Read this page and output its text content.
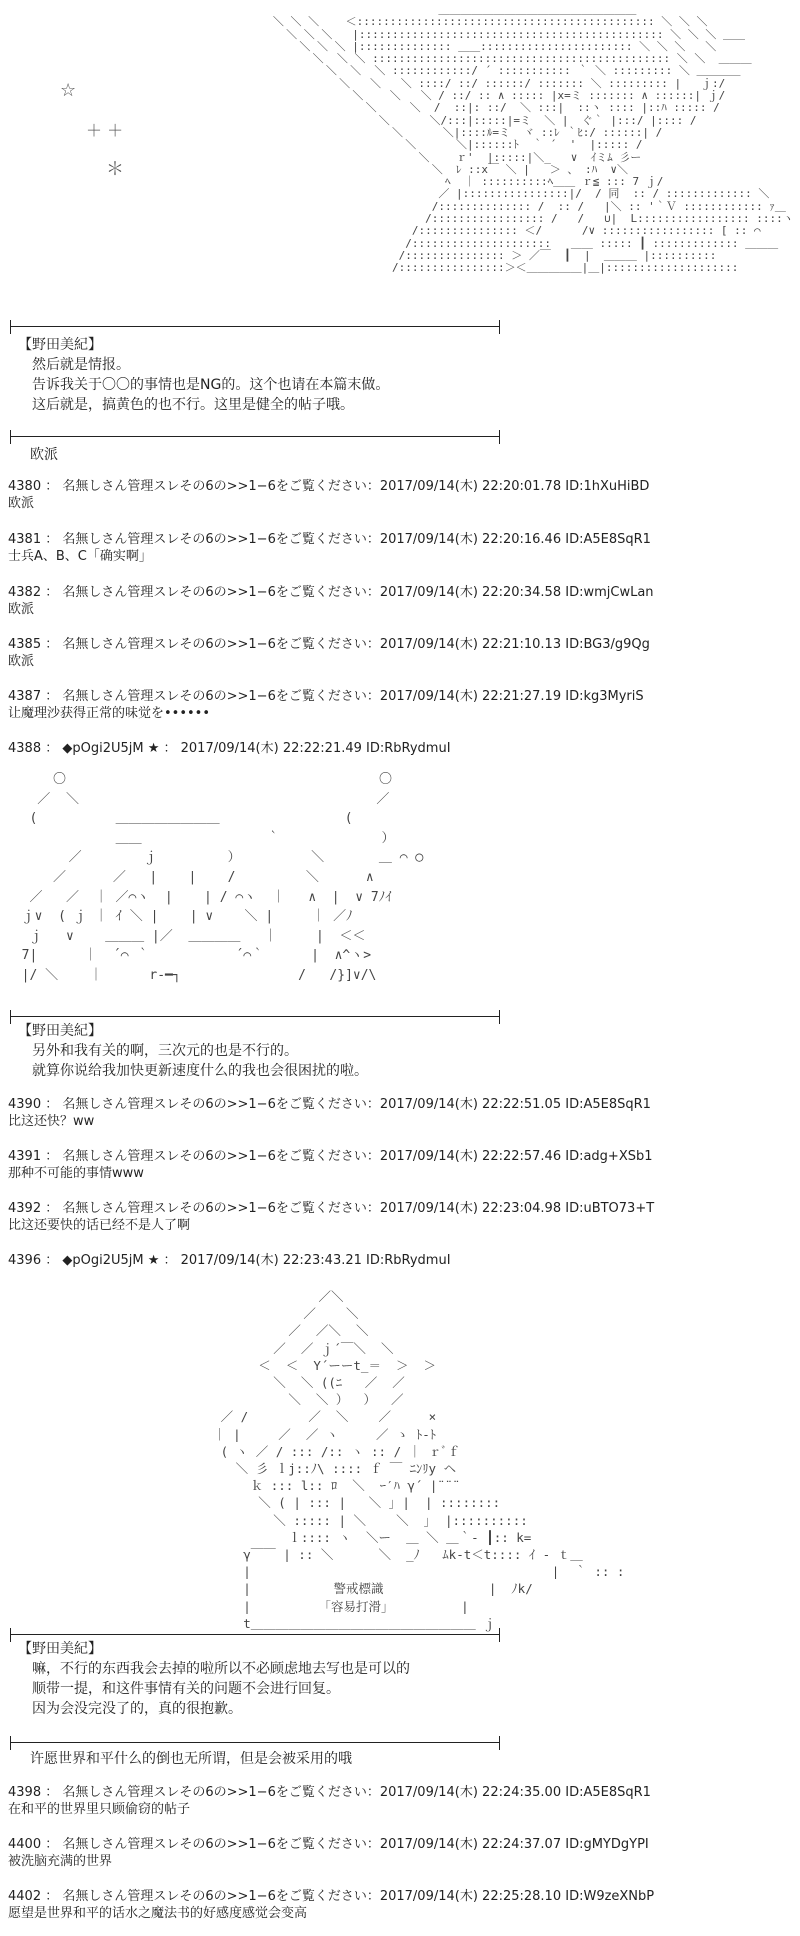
＿＿＿＿＿＿＿＿＿＿＿＿＿＿＿＿＿＿
＼ ＼ ＼    ＜::::::::::::::::::::::::::::::::::::::::::::: ＼ ＼ ＼
＼ ＼ ＼   |:::::::::::::::::::::::::::::::::::::::::::::: ＼ ＼ ＼ ＿＿
＼ ＼ ＼ |:::::::::::::: ＿＿::::::::::::::::::::::: ＼ ＼ ＼   ＼
＼  ＼ ＼ ::::::::::::::::::::::::::::::::::::::::::::: ＼ ＼  ＿＿＿
＼  ＼  ＼ ::::::::::::/ ´ ::::::::::: ｀ ＼ ::::::::: ＼ ＿＿＿＿
＼   ＼   ＼ ::::/ ::/ ::::::/ ::::::: ＼ ::::::::: |   ｊ:/
＼    ＼   ＼ / ::/ :: ∧ ::::: |x=ミ ::::::: ∧ ::::::| ｊ/
＼     ＼  /  ::|: ::/  ＼ :::|  ::ヽ :::: |::ﾊ ::::: /
＼      ＼/:::|:::::|=ミ  ＼ |  ぐ｀ |:::/ |:::: /
＼      ＼|::::ﾙ=ミ  ヾ ::ﾚ ｀ﾋ:/ ::::::| /
＼      ＼|::::::ﾄ  ｀ ´  '  |::::: /
＼    ｒ'  |:::::|＼_   ∨  ｲミﾑ 彡ー
＼  ﾚ ::x￣ ＼ |   ＞ 、 :ﾊ  ∨＼
ﾍ  ｜ ::::::::::ﾍ＿＿ ｒ≦ ::: 7 ｊ/
／ |::::::::::::::::|/  / 同  :: / ::::::::::::: ＼
/:::::::::::::: /  :: /   |＼ :: '｀Ｖ :::::::::::: ｧ＿
/::::::::::::::::: /   /   ∪|  L::::::::::::::::: ::::ヽ
/::::::::::::::: ＜/      /∨ ::::::::::::::::: [ :: ⌒
/:::::::::::::::::::::   ＿＿ ::::: ┃ ::::::::::::: ＿＿＿
/::::::::::::::: ＞ ／￣  ┃  |  ＿＿＿ |::::::::::
/::::::::::::::::＞＜＿＿＿＿＿|＿|::::::::::::::::::::
☆
＋ ＋
＊
【野田美紀】
然后就是情报。
告诉我关于〇〇的事情也是NG的。这个也请在本篇末做。
这后就是，搞黄色的也不行。这里是健全的帖子哦。
欧派
4380 ： 名無しさん管理スレその6の>>1−6をご覧ください：2017/09/14(木) 22:20:01.78 ID:1hXuHiBD
欧派
4381 ： 名無しさん管理スレその6の>>1−6をご覧ください：2017/09/14(木) 22:20:16.46 ID:A5E8SqR1
士兵A、B、C「确实啊」
4382 ： 名無しさん管理スレその6の>>1−6をご覧ください：2017/09/14(木) 22:20:34.58 ID:wmjCwLan
欧派
4385 ： 名無しさん管理スレその6の>>1−6をご覧ください：2017/09/14(木) 22:21:10.13 ID:BG3/g9Qg
欧派
4387 ： 名無しさん管理スレその6の>>1−6をご覧ください：2017/09/14(木) 22:21:27.19 ID:kg3MyriS
让魔理沙获得正常的味觉を••••••
4388 ： ◆pOgi2U5jM ★ ： 2017/09/14(木) 22:22:21.49 ID:RbRydmuI
〇                                        〇
／  ＼                                      ／
(          ＿＿＿＿＿＿＿＿                (
＿＿                ｀             ）
／        ｊ         ）         ＼       ＿ ⌒ ◯
／      ／   |    |    /         ＼      ∧
／   ／  ｜ ／⌒ヽ  |    | / ⌒ヽ  ｜   ∧  |  ∨ 7ﾉｲ
ｊ∨  ( ｊ ｜ ｲ ＼ |    | ∨    ＼ |     ｜ ／ﾉ
ｊ   ∨    ＿＿＿ |／  ＿＿＿＿   ｜     |  ＜＜
7|      ｜  ´⌒ ｀           ´⌒｀      |  ∧^ヽ>
|/ ＼    ｜      r‐━┐               /   /}]∨/\
【野田美紀】
另外和我有关的啊，三次元的也是不行的。
就算你说给我加快更新速度什么的我也会很困扰的啦。
4390 ： 名無しさん管理スレその6の>>1−6をご覧ください：2017/09/14(木) 22:22:51.05 ID:A5E8SqR1
比这还快？ww
4391 ： 名無しさん管理スレその6の>>1−6をご覧ください：2017/09/14(木) 22:22:57.46 ID:adg+XSb1
那种不可能的事情www
4392 ： 名無しさん管理スレその6の>>1−6をご覧ください：2017/09/14(木) 22:23:04.98 ID:uBTO73+T
比这还要快的话已经不是人了啊
4396 ： ◆pOgi2U5jM ★ ： 2017/09/14(木) 22:23:43.21 ID:RbRydmuI
／＼
／    ＼
／  ／＼  ＼
／  ／ ｊ´￣＼  ＼
＜  ＜  Y´ーーt_＝  ＞  ＞
＼  ＼ ((ﾆ   ／  ／
＼  ＼ ）  ）  ／
／ /        ／  ＼    ／     ×
｜ |     ／  ／ ヽ     ／ ゝ ﾄ-ﾄ
( ヽ ／ / ::: /:: ヽ :: / ｜ ｒﾞｆ
＼ 彡 ｌj::ﾉ\ :::: ｆ ￣ ﾆﾝﾘy ヘ
ｋ ::: l:: ﾛ  ＼  ｰ′ﾊ γ´ |¨¨¨
＼ ( | ::: |   ＼ ｣ |  | ::::::::
＼ ::::: | ＼    ＼  ｣  |::::::::::
ｌ:::: ヽ  ＼ー  ＿ ＼ ＿｀‐ ┃:: k=
γ￣￣ | :: ＼      ＼  _ﾉ   ﾑk‐t＜t:::: ｲ ‐ ｔ＿
|                                        |  ｀ :: :
|           警戒標識              |  ﾉk/
|         「容易打滑」         |
t＿＿＿＿＿＿＿＿＿＿＿＿＿＿＿＿＿＿ ｊ
【野田美紀】
嘛，不行的东西我会去掉的啦所以不必顾虑地去写也是可以的
顺带一提，和这件事情有关的问题不会进行回复。
因为会没完没了的，真的很抱歉。
许愿世界和平什么的倒也无所谓，但是会被采用的哦
4398 ： 名無しさん管理スレその6の>>1−6をご覧ください：2017/09/14(木) 22:24:35.00 ID:A5E8SqR1
在和平的世界里只顾偷窃的帖子
4400 ： 名無しさん管理スレその6の>>1−6をご覧ください：2017/09/14(木) 22:24:37.07 ID:gMYDgYPI
被洗脑充满的世界
4402 ： 名無しさん管理スレその6の>>1−6をご覧ください：2017/09/14(木) 22:25:28.10 ID:W9zeXNbP
愿望是世界和平的话水之魔法书的好感度感觉会变高
